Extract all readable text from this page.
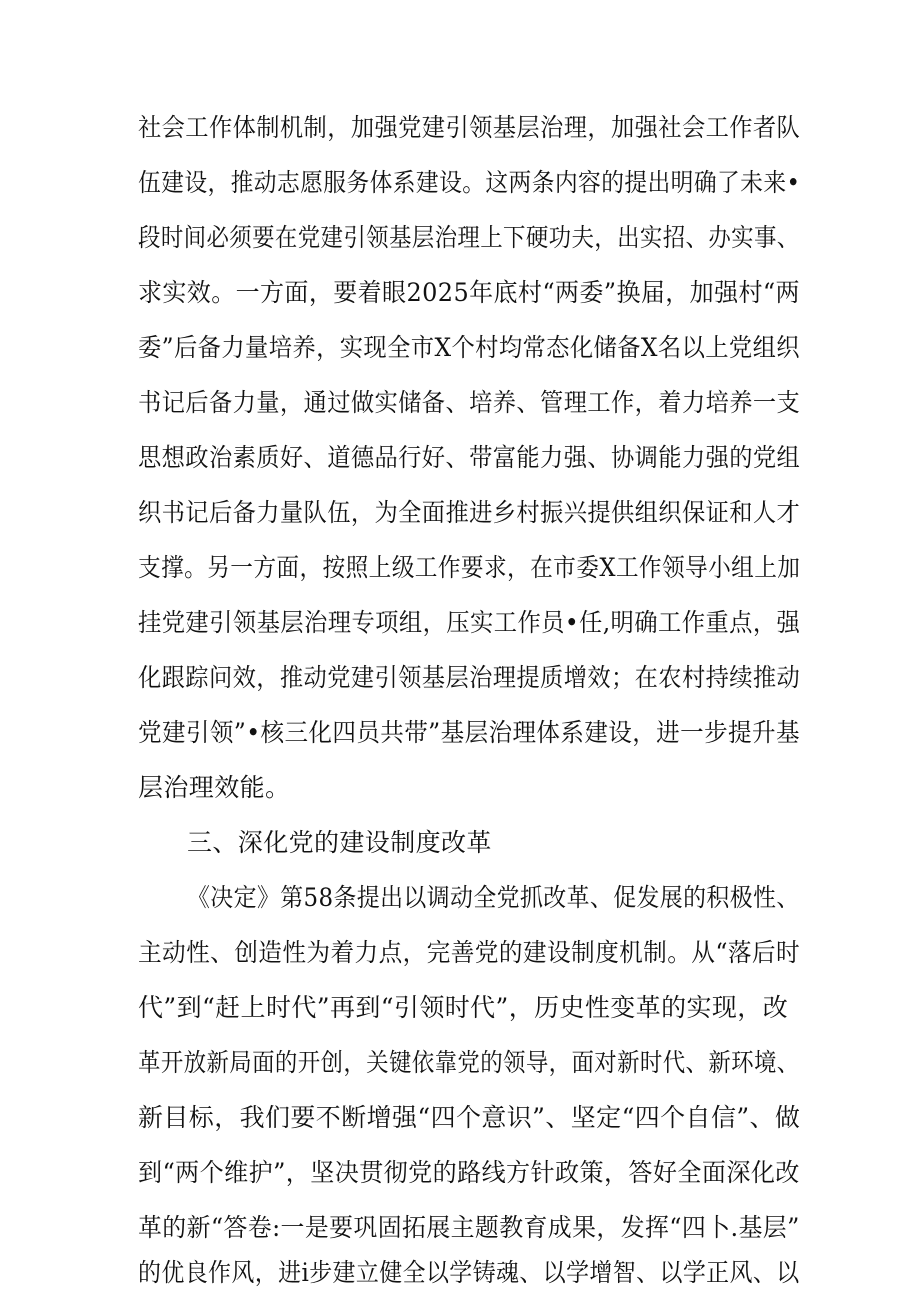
社会工作体制机制，加强党建引领基层治理，加强社会工作者队
伍建设，推动志愿服务体系建设。这两条内容的提出明确了未来•
段时间必须要在党建引领基层治理上下硬功夫，出实招、办实事、
求实效。一方面，要着眼2025年底村“两委”换届，加强村“两
委”后备力量培养，实现全市X个村均常态化储备X名以上党组织
书记后备力量，通过做实储备、培养、管理工作，着力培养一支
思想政治素质好、道德品行好、带富能力强、协调能力强的党组
织书记后备力量队伍，为全面推进乡村振兴提供组织保证和人才
支撑。另一方面，按照上级工作要求，在市委X工作领导小组上加
挂党建引领基层治理专项组，压实工作员•任,明确工作重点，强
化跟踪问效，推动党建引领基层治理提质增效；在农村持续推动
党建引领”•核三化四员共带”基层治理体系建设，进一步提升基
层治理效能。
三、深化党的建设制度改革
《决定》第58条提出以调动全党抓改革、促发展的积极性、
主动性、创造性为着力点，完善党的建设制度机制。从“落后时
代”到“赶上时代”再到“引领时代”，历史性变革的实现，改
革开放新局面的开创，关键依靠党的领导，面对新时代、新环境、
新目标，我们要不断增强“四个意识”、坚定“四个自信”、做
到“两个维护”，坚决贯彻党的路线方针政策，答好全面深化改
革的新“答卷:一是要巩固拓展主题教育成果，发挥“四卜.基层”
的优良作风，进i步建立健全以学铸魂、以学增智、以学正风、以
